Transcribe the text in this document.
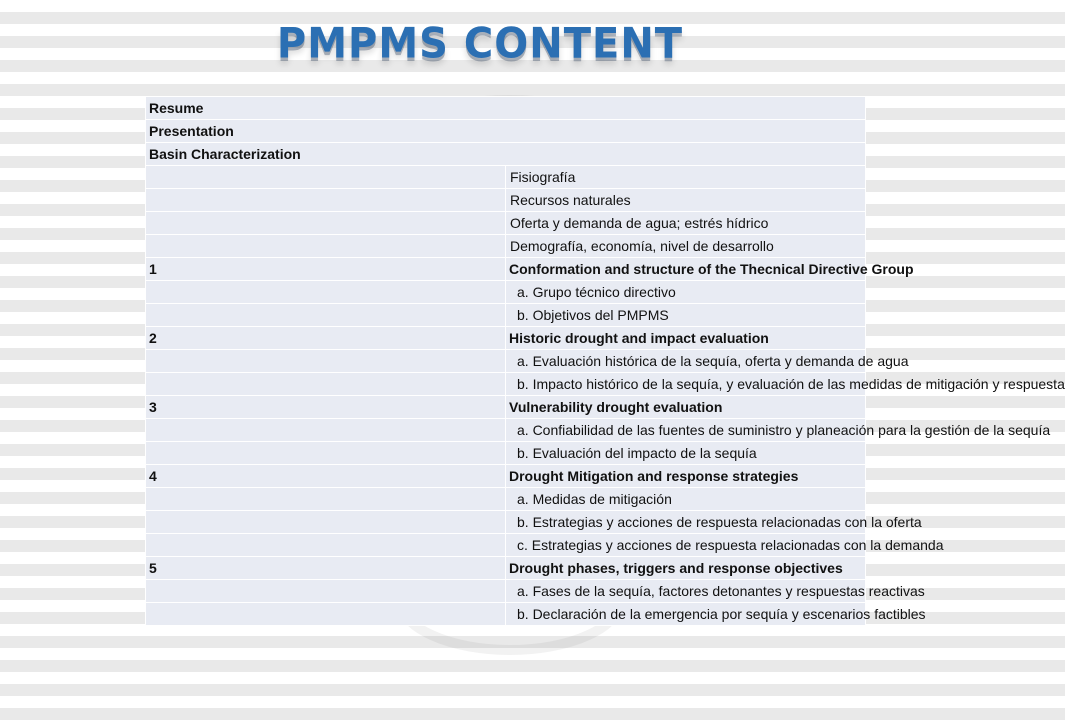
PMPMS CONTENT
Resume	
Presentation	
Basin Characterization	
	Fisiografía
	Recursos naturales
	Oferta y demanda de agua; estrés hídrico
	Demografía, economía, nivel de desarrollo
1	Conformation and structure of the Thecnical Directive Group
	a. Grupo técnico directivo
	b. Objetivos del PMPMS
2	Historic drought and impact evaluation
	a. Evaluación histórica de la sequía, oferta y demanda de agua
	b. Impacto histórico de la sequía, y evaluación de las medidas de mitigación y respuesta
3	Vulnerability drought evaluation
	a. Confiabilidad de las fuentes de suministro y planeación para la gestión de la sequía
	b. Evaluación del impacto de la sequía
4	Drought Mitigation and response strategies
	a. Medidas de mitigación
	b. Estrategias y acciones de respuesta relacionadas con la oferta
	c. Estrategias y acciones de respuesta relacionadas con la demanda
5	Drought phases, triggers and response objectives
	a. Fases de la sequía, factores detonantes y respuestas reactivas
	b. Declaración de la emergencia por sequía y escenarios factibles
